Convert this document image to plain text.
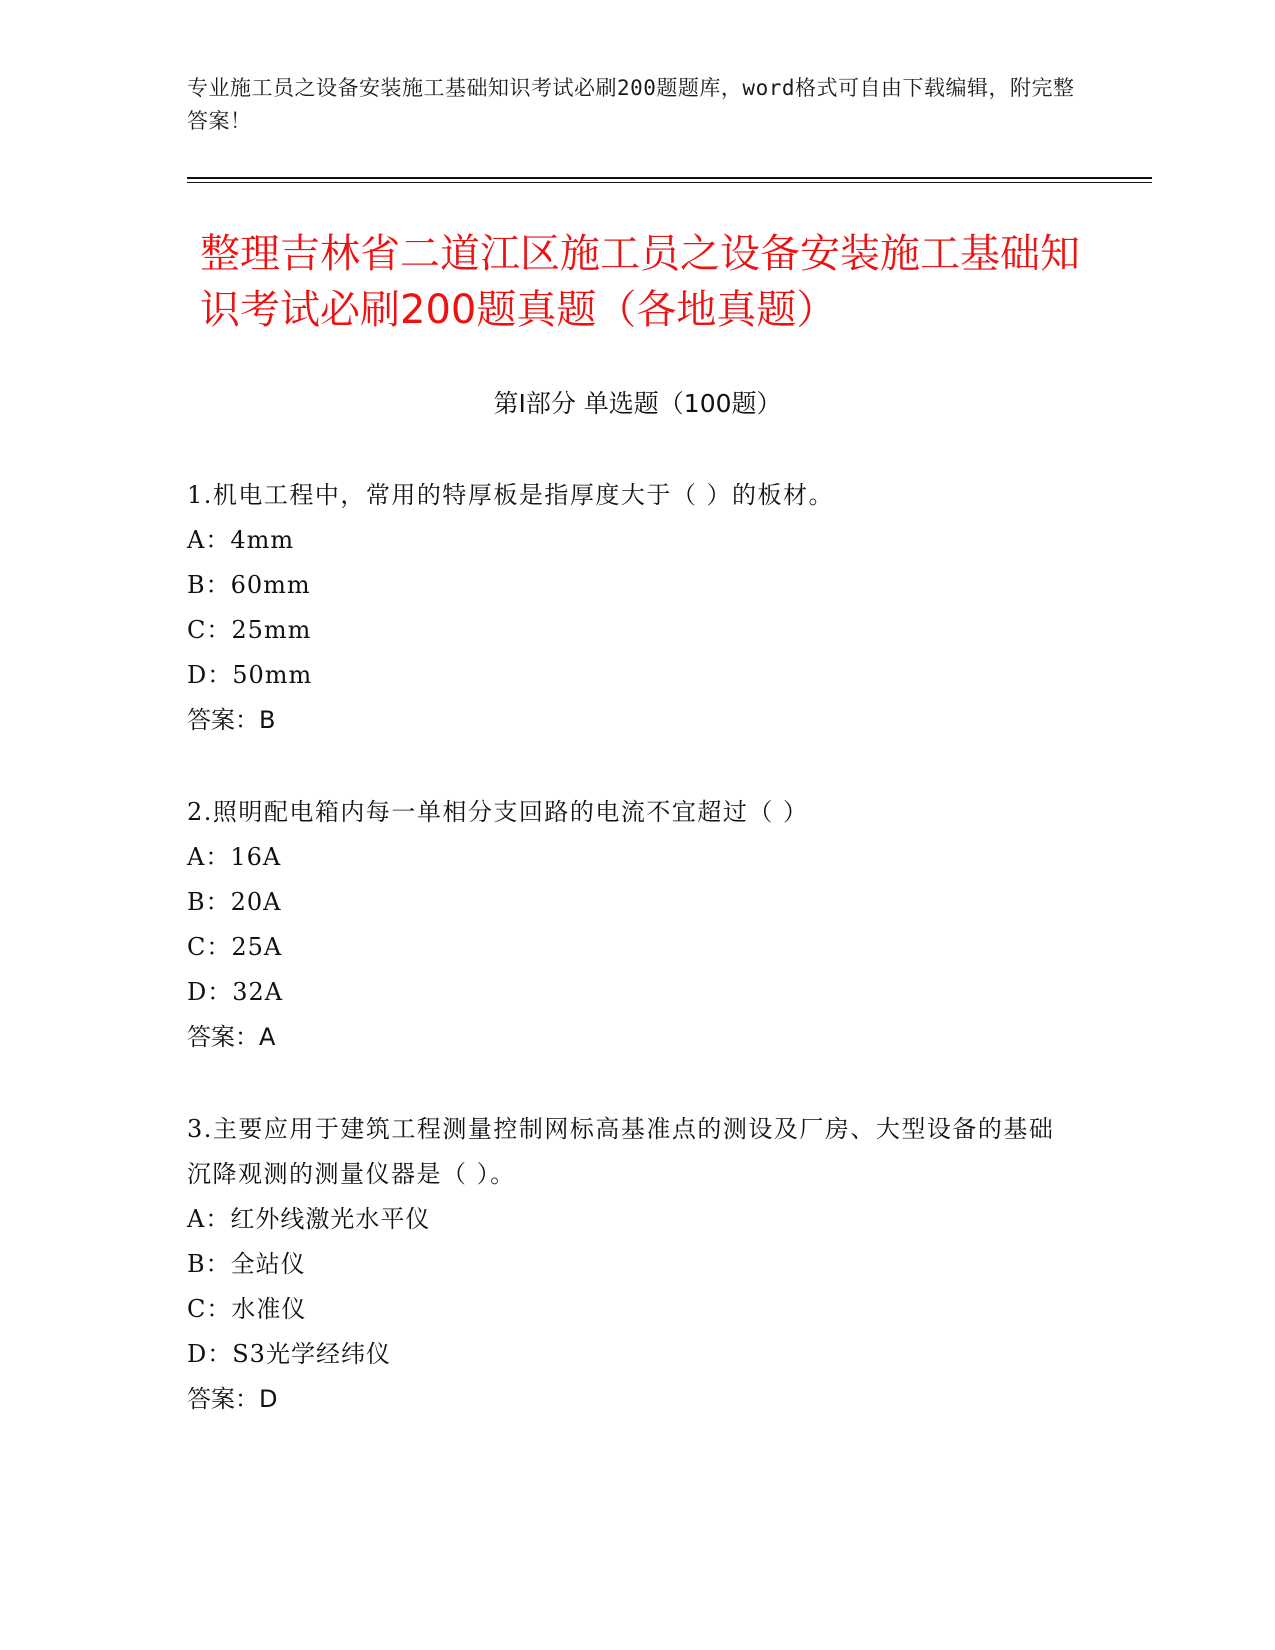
专业施工员之设备安装施工基础知识考试必刷200题题库，word格式可自由下载编辑，附完整答案！
整理吉林省二道江区施工员之设备安装施工基础知识考试必刷200题真题（各地真题）
第I部分 单选题（100题）

1.机电工程中，常用的特厚板是指厚度大于（ ）的板材。

A：4mm

B：60mm

C：25mm

D：50mm

答案：B

2.照明配电箱内每一单相分支回路的电流不宜超过（ ）

A：16A

B：20A

C：25A

D：32A

答案：A

3.主要应用于建筑工程测量控制网标高基准点的测设及厂房、大型设备的基础沉降观测的测量仪器是（ ）。

A：红外线激光水平仪

B：全站仪

C：水准仪

D：S3光学经纬仪

答案：D
